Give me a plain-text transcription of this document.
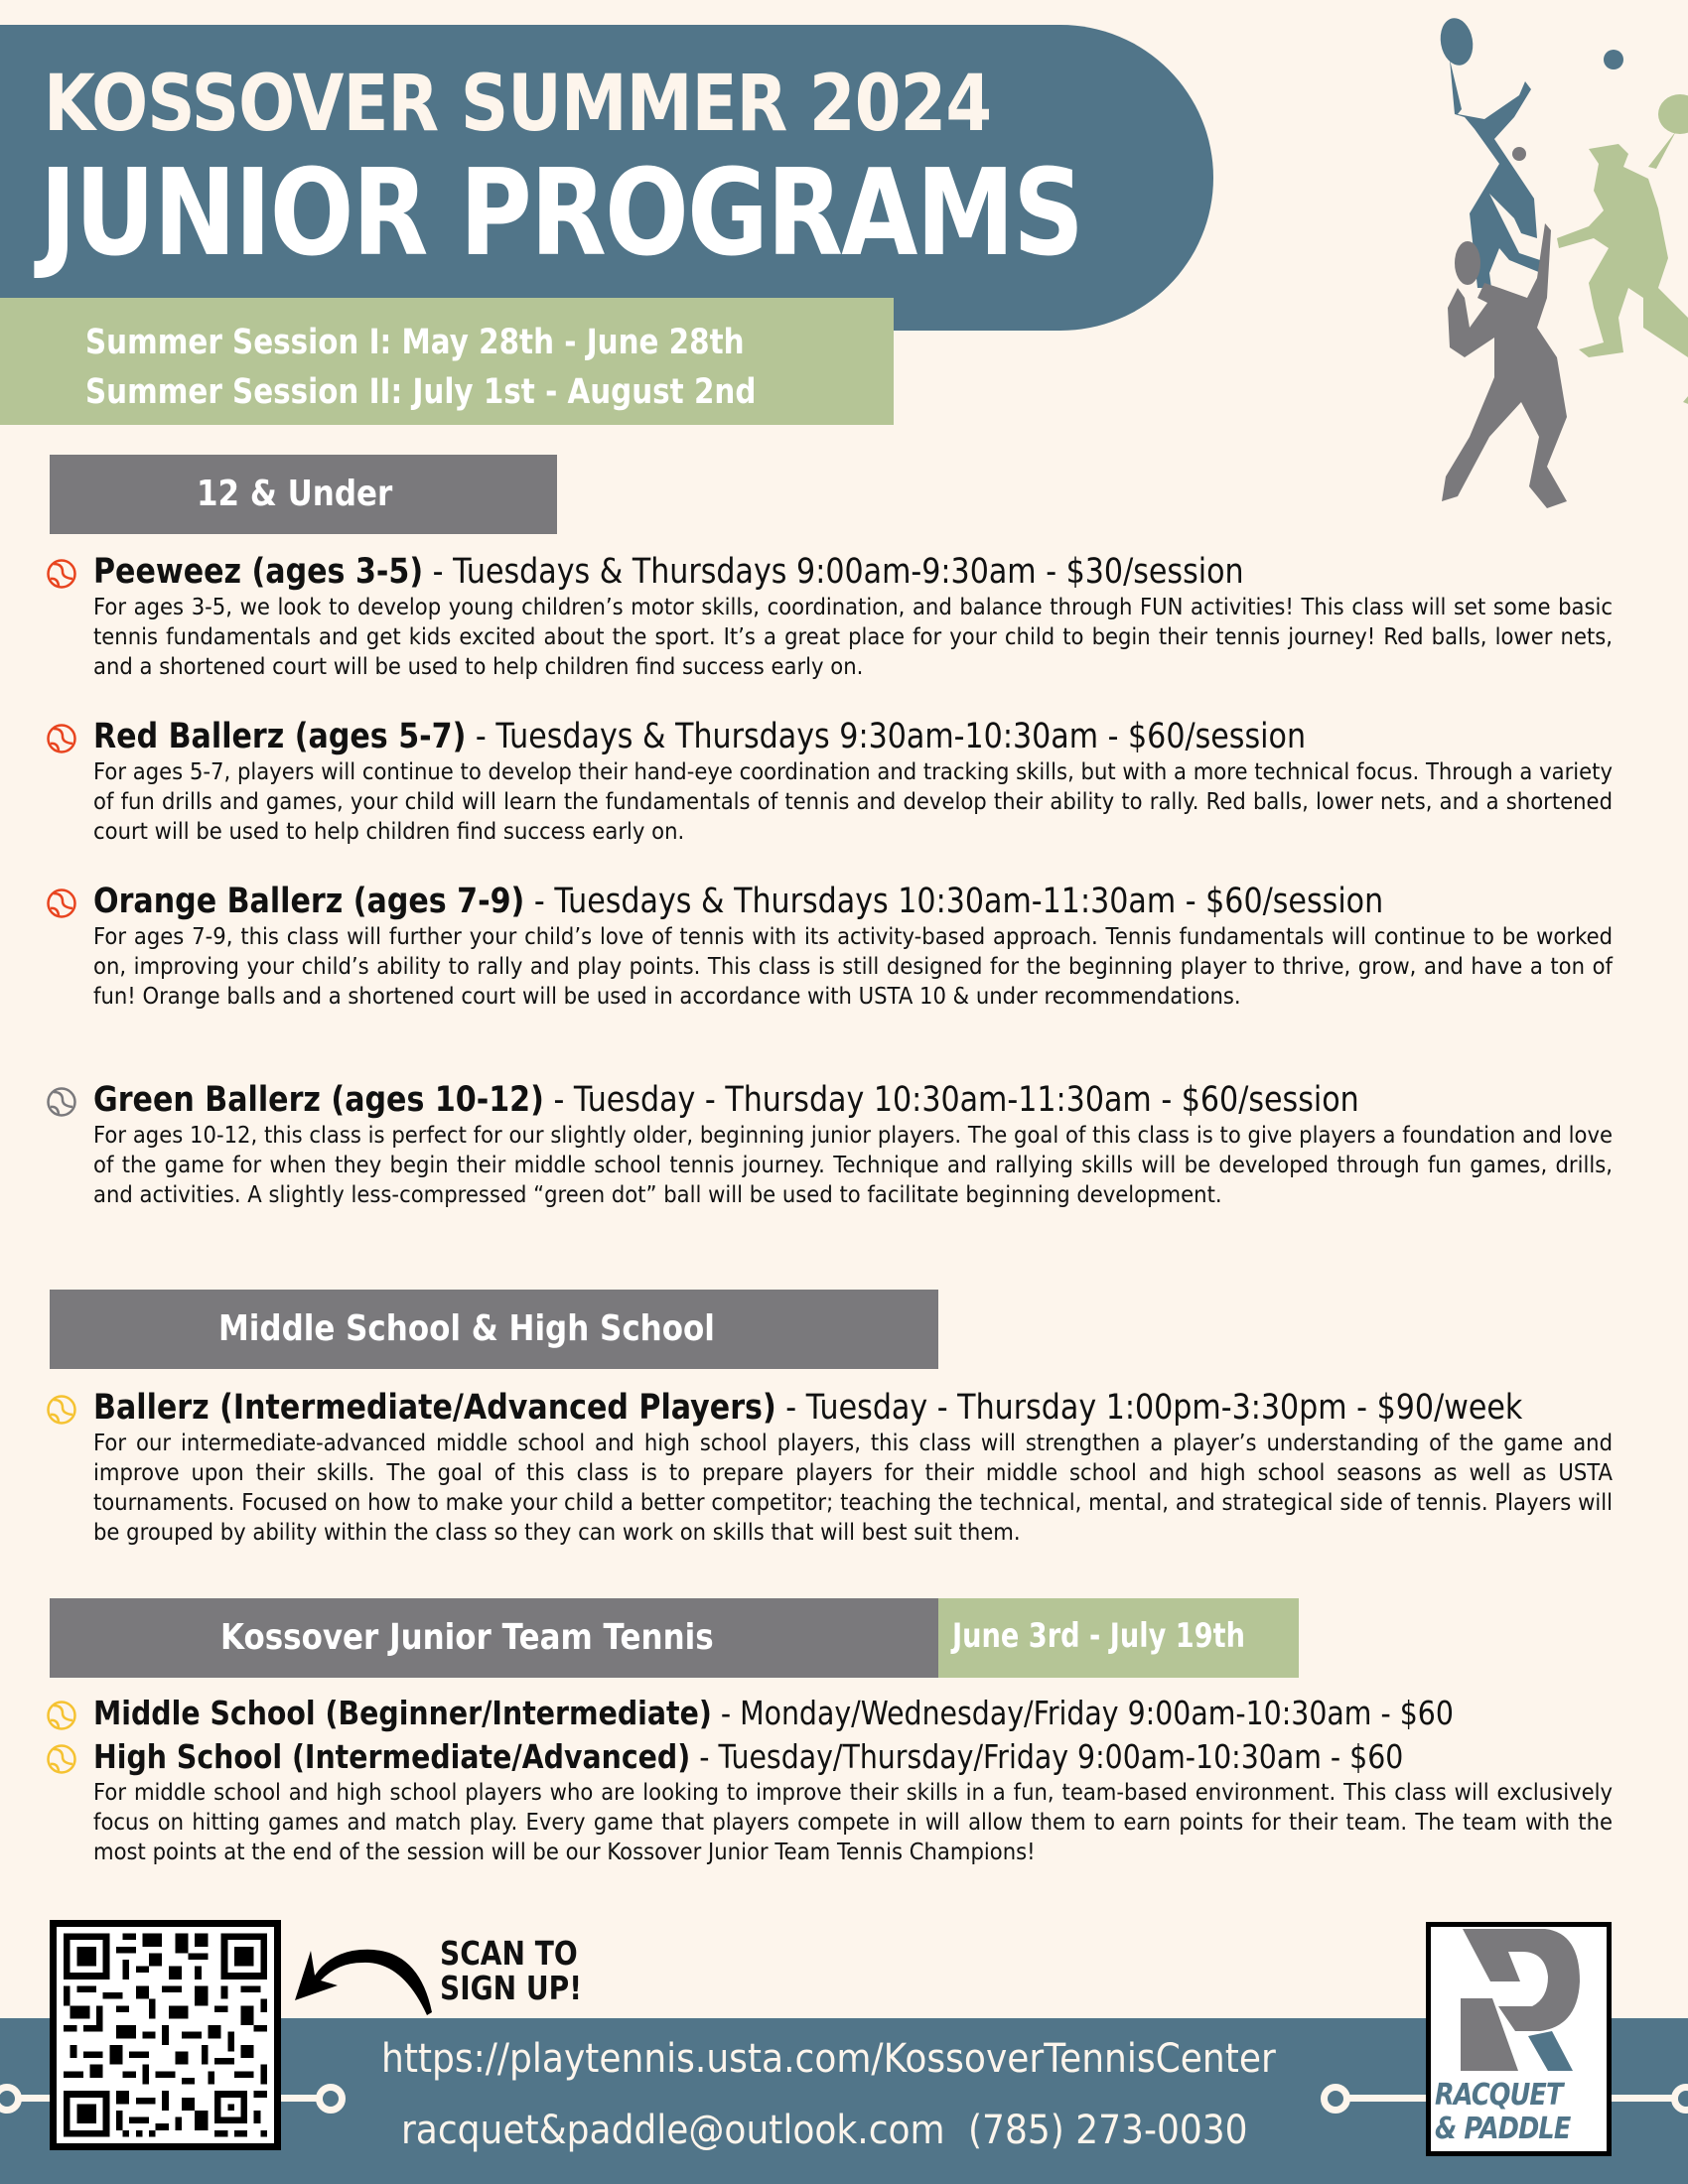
KOSSOVER SUMMER 2024
JUNIOR PROGRAMS
Summer Session I: May 28th - June 28th
Summer Session II: July 1st - August 2nd
12 & Under
Peeweez (ages 3-5) - Tuesdays & Thursdays 9:00am-9:30am - $30/session
For ages 3-5, we look to develop young children’s motor skills, coordination, and balance through FUN activities! This class will set some basic tennis fundamentals and get kids excited about the sport. It’s a great place for your child to begin their tennis journey! Red balls, lower nets, and a shortened court will be used to help children find success early on.
Red Ballerz (ages 5-7) - Tuesdays & Thursdays 9:30am-10:30am - $60/session
For ages 5-7, players will continue to develop their hand-eye coordination and tracking skills, but with a more technical focus. Through a variety of fun drills and games, your child will learn the fundamentals of tennis and develop their ability to rally. Red balls, lower nets, and a shortened court will be used to help children find success early on.
Orange Ballerz (ages 7-9) - Tuesdays & Thursdays 10:30am-11:30am - $60/session
For ages 7-9, this class will further your child’s love of tennis with its activity-based approach. Tennis fundamentals will continue to be worked on, improving your child’s ability to rally and play points. This class is still designed for the beginning player to thrive, grow, and have a ton of fun! Orange balls and a shortened court will be used in accordance with USTA 10 & under recommendations.
Green Ballerz (ages 10-12) - Tuesday - Thursday 10:30am-11:30am - $60/session
For ages 10-12, this class is perfect for our slightly older, beginning junior players. The goal of this class is to give players a foundation and love of the game for when they begin their middle school tennis journey. Technique and rallying skills will be developed through fun games, drills, and activities. A slightly less-compressed “green dot” ball will be used to facilitate beginning development.
Middle School & High School
Ballerz (Intermediate/Advanced Players) - Tuesday - Thursday 1:00pm-3:30pm - $90/week
For our intermediate-advanced middle school and high school players, this class will strengthen a player’s understanding of the game and improve upon their skills. The goal of this class is to prepare players for their middle school and high school seasons as well as USTA tournaments. Focused on how to make your child a better competitor; teaching the technical, mental, and strategical side of tennis. Players will be grouped by ability within the class so they can work on skills that will best suit them.
Kossover Junior Team Tennis	June 3rd - July 19th
Middle School (Beginner/Intermediate) - Monday/Wednesday/Friday 9:00am-10:30am - $60
High School (Intermediate/Advanced) - Tuesday/Thursday/Friday 9:00am-10:30am - $60
For middle school and high school players who are looking to improve their skills in a fun, team-based environment. This class will exclusively focus on hitting games and match play. Every game that players compete in will allow them to earn points for their team. The team with the most points at the end of the session will be our Kossover Junior Team Tennis Champions!
SCAN TO
SIGN UP!
https://playtennis.usta.com/KossoverTennisCenter
racquet&paddle@outlook.com (785) 273-0030
RACQUET
& PADDLE
